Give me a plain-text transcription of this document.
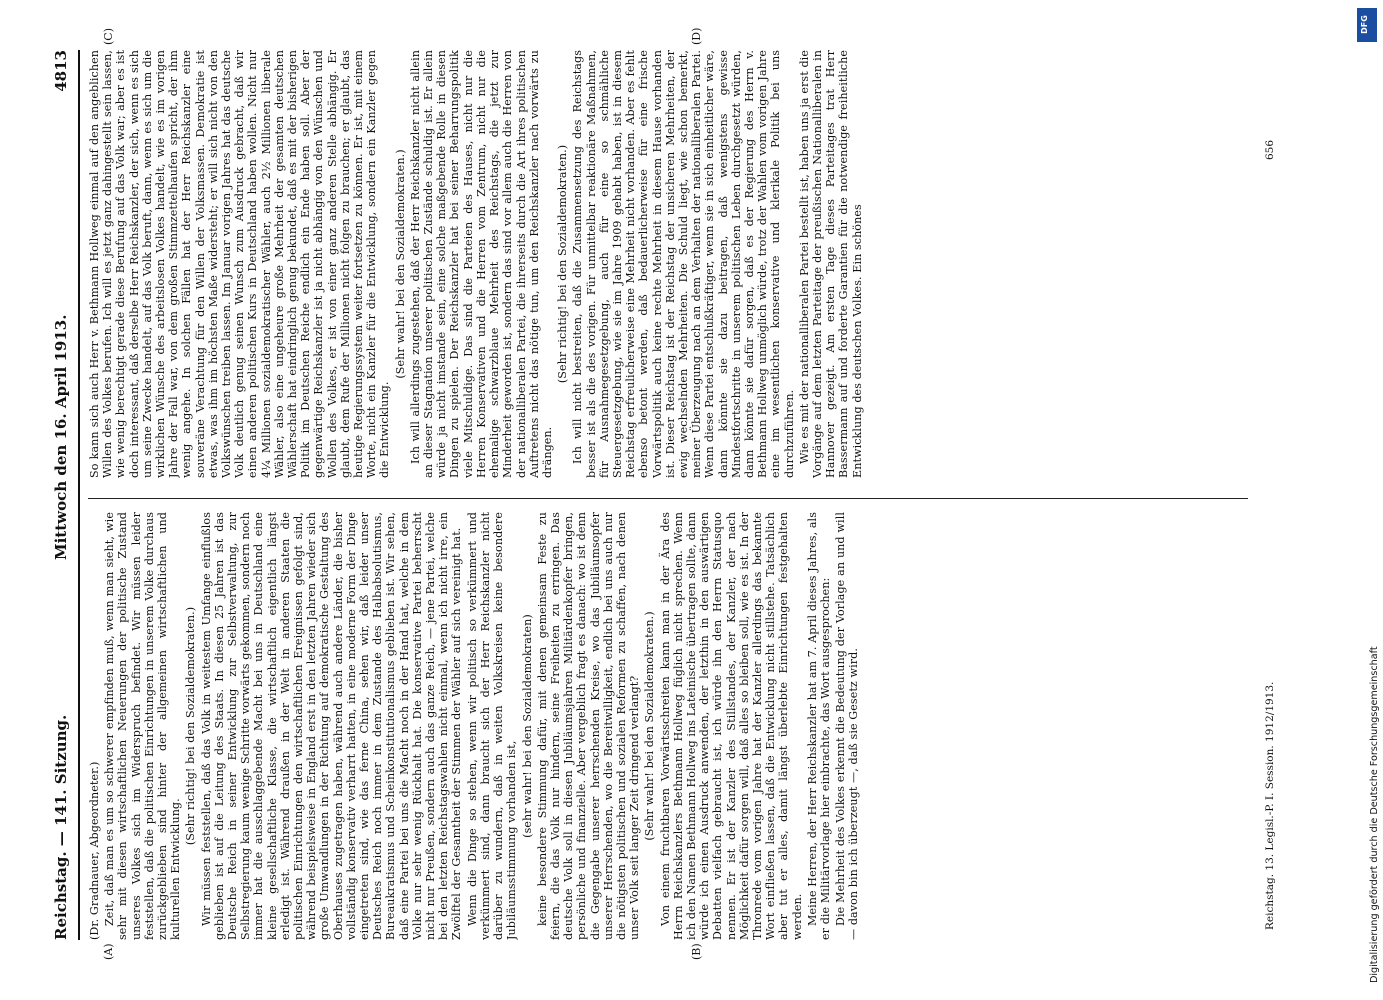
Reichstag. — 141. Sitzung.
Mittwoch den 16. April 1913.
4813
(A)	(B)
(C)	(D)

(Dr. Gradnauer, Abgeordneter.) Zeit, daß man es um so schwerer empfinden muß, wenn man sieht, wie sehr mit diesen wirtschaftlichen Neuerungen der politische Zustand unseres Volkes sich im Widerspruch befindet. Wir müssen leider feststellen, daß die politischen Einrichtungen in unserem Volke durchaus zurückgeblieben sind hinter der allgemeinen wirtschaftlichen und kulturellen Entwicklung.

(Sehr richtig! bei den Sozialdemokraten.) Wir müssen feststellen, daß das Volk in weitestem Umfange einflußlos geblieben ist auf die Leitung des Staats. In diesen 25 Jahren ist das Deutsche Reich in seiner Entwicklung zur Selbstverwaltung, zur Selbstregierung kaum wenige Schritte vorwärts gekommen, sondern noch immer hat die ausschlaggebende Macht bei uns in Deutschland eine kleine gesellschaftliche Klasse, die wirtschaftlich eigentlich längst erledigt ist. Während draußen in der Welt in anderen Staaten die politischen Einrichtungen den wirtschaftlichen Ereignissen gefolgt sind, während beispielsweise in England erst in den letzten Jahren wieder sich große Umwandlungen in der Richtung auf demokratische Gestaltung des Oberhauses zugetragen haben, während auch andere Länder, die bisher vollständig konservativ verharrt hatten, in eine moderne Form der Dinge eingetreten sind, wie das ferne China, sehen wir, daß leider unser Deutsches Reich noch immer in dem Zustande des Halbabsolutismus, Bureaukratismus und Scheinkonstitutionalismus geblieben ist. Wir sehen, daß eine Partei bei uns die Macht noch in der Hand hat, welche in dem Volke nur sehr wenig Rückhalt hat. Die konservative Partei beherrscht nicht nur Preußen, sondern auch das ganze Reich, — jene Partei, welche bei den letzten Reichstagswahlen nicht einmal, wenn ich nicht irre, ein Zwölftel der Gesamtheit der Stimmen der Wähler auf sich vereinigt hat. Wenn die Dinge so stehen, wenn wir politisch so verkümmert und verkümmert sind, dann braucht sich der Herr Reichskanzler nicht darüber zu wundern, daß in weiten Volkskreisen keine besondere Jubiläumsstimmung vorhanden ist,

(sehr wahr! bei den Sozialdemokraten) keine besondere Stimmung dafür, mit denen gemeinsam Feste zu feiern, die das Volk nur hindern, seine Freiheiten zu erringen. Das deutsche Volk soll in diesen Jubiläumsjahren Militärdenkopfer bringen, persönliche und finanzielle. Aber vergeblich fragt es danach: wo ist denn die Gegengabe unserer herrschenden Kreise, wo das Jubiläumsopfer unserer Herrschenden, wo die Bereitwilligkeit, endlich bei uns auch nur die nötigsten politischen und sozialen Reformen zu schaffen, nach denen unser Volk seit langer Zeit dringend verlangt? (Sehr wahr! bei den Sozialdemokraten.) Von einem fruchtbaren Vorwärtsschreiten kann man in der Ära des Herrn Reichskanzlers Bethmann Hollweg füglich nicht sprechen. Wenn ich den Namen Bethmann Hollweg ins Lateinische übertragen sollte, dann würde ich einen Ausdruck anwenden, der letzthin in den auswärtigen Debatten vielfach gebraucht ist, ich würde ihn den Herrn Statusquo nennen. Er ist der Kanzler des Stillstandes, der Kanzler, der nach Möglichkeit dafür sorgen will, daß alles so bleiben soll, wie es ist. In der Thronrede vom vorigen Jahre hat der Kanzler allerdings das bekannte Wort einfließen lassen, daß die Entwicklung nicht stillstehe. Tatsächlich aber tut er alles, damit längst überlebte Einrichtungen festgehalten werden. Meine Herren, der Herr Reichskanzler hat am 7. April dieses Jahres, als er die Militärvorlage hier einbrachte, das Wort ausgesprochen: Die Mehrheit des Volkes erkennt die Bedeutung der Vorlage an und will — davon bin ich überzeugt —, daß sie Gesetz wird.

So kann sich auch Herr v. Bethmann Hollweg einmal auf den angeblichen Willen des Volkes berufen. Ich will es jetzt ganz dahingestellt sein lassen, wie wenig berechtigt gerade diese Berufung auf das Volk war; aber es ist doch interessant, daß derselbe Herr Reichskanzler, der sich, wenn es sich um seine Zwecke handelt, auf das Volk beruft, dann, wenn es sich um die wirklichen Wünsche des arbeitslosen Volkes handelt, wie es im vorigen Jahre der Fall war, von dem großen Stimmzettelhaufen spricht, der ihm wenig angehe. In solchen Fällen hat der Herr Reichskanzler eine souveräne Verachtung für den Willen der Volksmassen. Demokratie ist etwas, was ihm im höchsten Maße widersteht; er will sich nicht von den Volkswünschen treiben lassen. Im Januar vorigen Jahres hat das deutsche Volk deutlich genug seinen Wunsch zum Ausdruck gebracht, daß wir einen anderen politischen Kurs in Deutschland haben wollen. Nicht nur 4¼ Millionen sozialdemokratischer Wähler, auch 2½ Millionen liberale Wähler, also eine ungeheure große Mehrheit der gesamten deutschen Wählerschaft hat eindringlich genug bekundet, daß es mit der bisherigen Politik im Deutschen Reiche endlich ein Ende haben soll. Aber der gegenwärtige Reichskanzler ist ja nicht abhängig von den Wünschen und Wollen des Volkes, er ist von einer ganz anderen Stelle abhängig. Er glaubt, dem Rufe der Millionen nicht folgen zu brauchen; er glaubt, das heutige Regierungssystem weiter fortsetzen zu können. Er ist, mit einem Worte, nicht ein Kanzler für die Entwicklung, sondern ein Kanzler gegen die Entwicklung.

(Sehr wahr! bei den Sozialdemokraten.) Ich will allerdings zugestehen, daß der Herr Reichskanzler nicht allein an dieser Stagnation unserer politischen Zustände schuldig ist. Er allein würde ja nicht imstande sein, eine solche maßgebende Rolle in diesen Dingen zu spielen. Der Reichskanzler hat bei seiner Beharrungspolitik viele Mitschuldige. Das sind die Parteien des Hauses, nicht nur die Herren Konservativen und die Herren vom Zentrum, nicht nur die ehemalige schwarzblaue Mehrheit des Reichstags, die jetzt zur Minderheit geworden ist, sondern das sind vor allem auch die Herren von der nationalliberalen Partei, die ihrerseits durch die Art ihres politischen Auftretens nicht das nötige tun, um den Reichskanzler nach vorwärts zu drängen.

(Sehr richtig! bei den Sozialdemokraten.) Ich will nicht bestreiten, daß die Zusammensetzung des Reichstags besser ist als die des vorigen. Für unmittelbar reaktionäre Maßnahmen, für Ausnahmegesetzgebung, auch für eine so schmähliche Steuergesetzgebung, wie sie im Jahre 1909 gehabt haben, ist in diesem Reichstag erfreulicherweise eine Mehrheit nicht vorhanden. Aber es fehlt ebenso betont werden, daß bedauerlicherweise für eine frische Vorwärtspolitik auch keine rechte Mehrheit in diesem Hause vorhanden ist. Dieser Reichstag ist der Reichstag der unsicheren Mehrheiten, der ewig wechselnden Mehrheiten. Die Schuld liegt, wie schon bemerkt, meiner Überzeugung nach an dem Verhalten der nationalliberalen Partei. Wenn diese Partei entschlußkräftiger, wenn sie in sich einheitlicher wäre, dann könnte sie dazu beitragen, daß wenigstens gewisse Mindestfortschritte in unserem politischen Leben durchgesetzt würden, dann könnte sie dafür sorgen, daß es der Regierung des Herrn v. Bethmann Hollweg unmöglich würde, trotz der Wahlen vom vorigen Jahre eine im wesentlichen konservative und klerikale Politik bei uns durchzuführen. Wie es mit der nationalliberalen Partei bestellt ist, haben uns ja erst die Vorgänge auf dem letzten Parteitage der preußischen Nationalliberalen in Hannover gezeigt. Am ersten Tage dieses Parteitages trat Herr Bassermann auf und forderte Garantien für die notwendige freiheitliche Entwicklung des deutschen Volkes. Ein schönes

Reichstag. 13. Legisl.-P. I. Session. 1912/1913.
656
Digitalisierung gefördert durch die Deutsche Forschungsgemeinschaft
DFG
